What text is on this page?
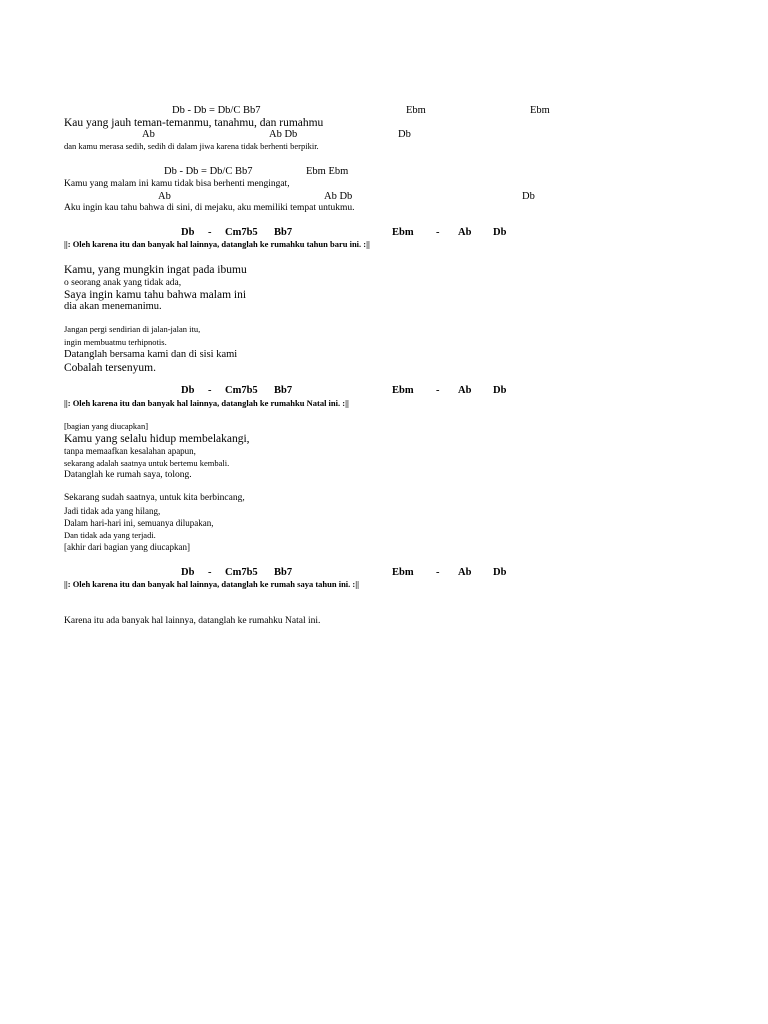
Db - Db = Db/C Bb7	Ebm	Ebm
Kau yang jauh teman-temanmu, tanahmu, dan rumahmu
Ab	Ab Db	Db
dan kamu merasa sedih, sedih di dalam jiwa karena tidak berhenti berpikir.
Db - Db = Db/C Bb7	Ebm Ebm
Kamu yang malam ini kamu tidak bisa berhenti mengingat,
Ab	Ab Db	Db
Aku ingin kau tahu bahwa di sini, di mejaku, aku memiliki tempat untukmu.
Db - Cm7b5 Bb7	Ebm - Ab Db
||: Oleh karena itu dan banyak hal lainnya, datanglah ke rumahku tahun baru ini. :||
Kamu, yang mungkin ingat pada ibumu
o seorang anak yang tidak ada,
Saya ingin kamu tahu bahwa malam ini
dia akan menemanimu.
Jangan pergi sendirian di jalan-jalan itu,
ingin membuatmu terhipnotis.
Datanglah bersama kami dan di sisi kami
Cobalah tersenyum.
Db - Cm7b5 Bb7	Ebm - Ab Db
||: Oleh karena itu dan banyak hal lainnya, datanglah ke rumahku Natal ini. :||
[bagian yang diucapkan]
Kamu yang selalu hidup membelakangi,
tanpa memaafkan kesalahan apapun,
sekarang adalah saatnya untuk bertemu kembali.
Datanglah ke rumah saya, tolong.
Sekarang sudah saatnya, untuk kita berbincang,
Jadi tidak ada yang hilang,
Dalam hari-hari ini, semuanya dilupakan,
Dan tidak ada yang terjadi.
[akhir dari bagian yang diucapkan]
Db - Cm7b5 Bb7	Ebm - Ab Db
||: Oleh karena itu dan banyak hal lainnya, datanglah ke rumah saya tahun ini. :||
Karena itu ada banyak hal lainnya, datanglah ke rumahku Natal ini.
